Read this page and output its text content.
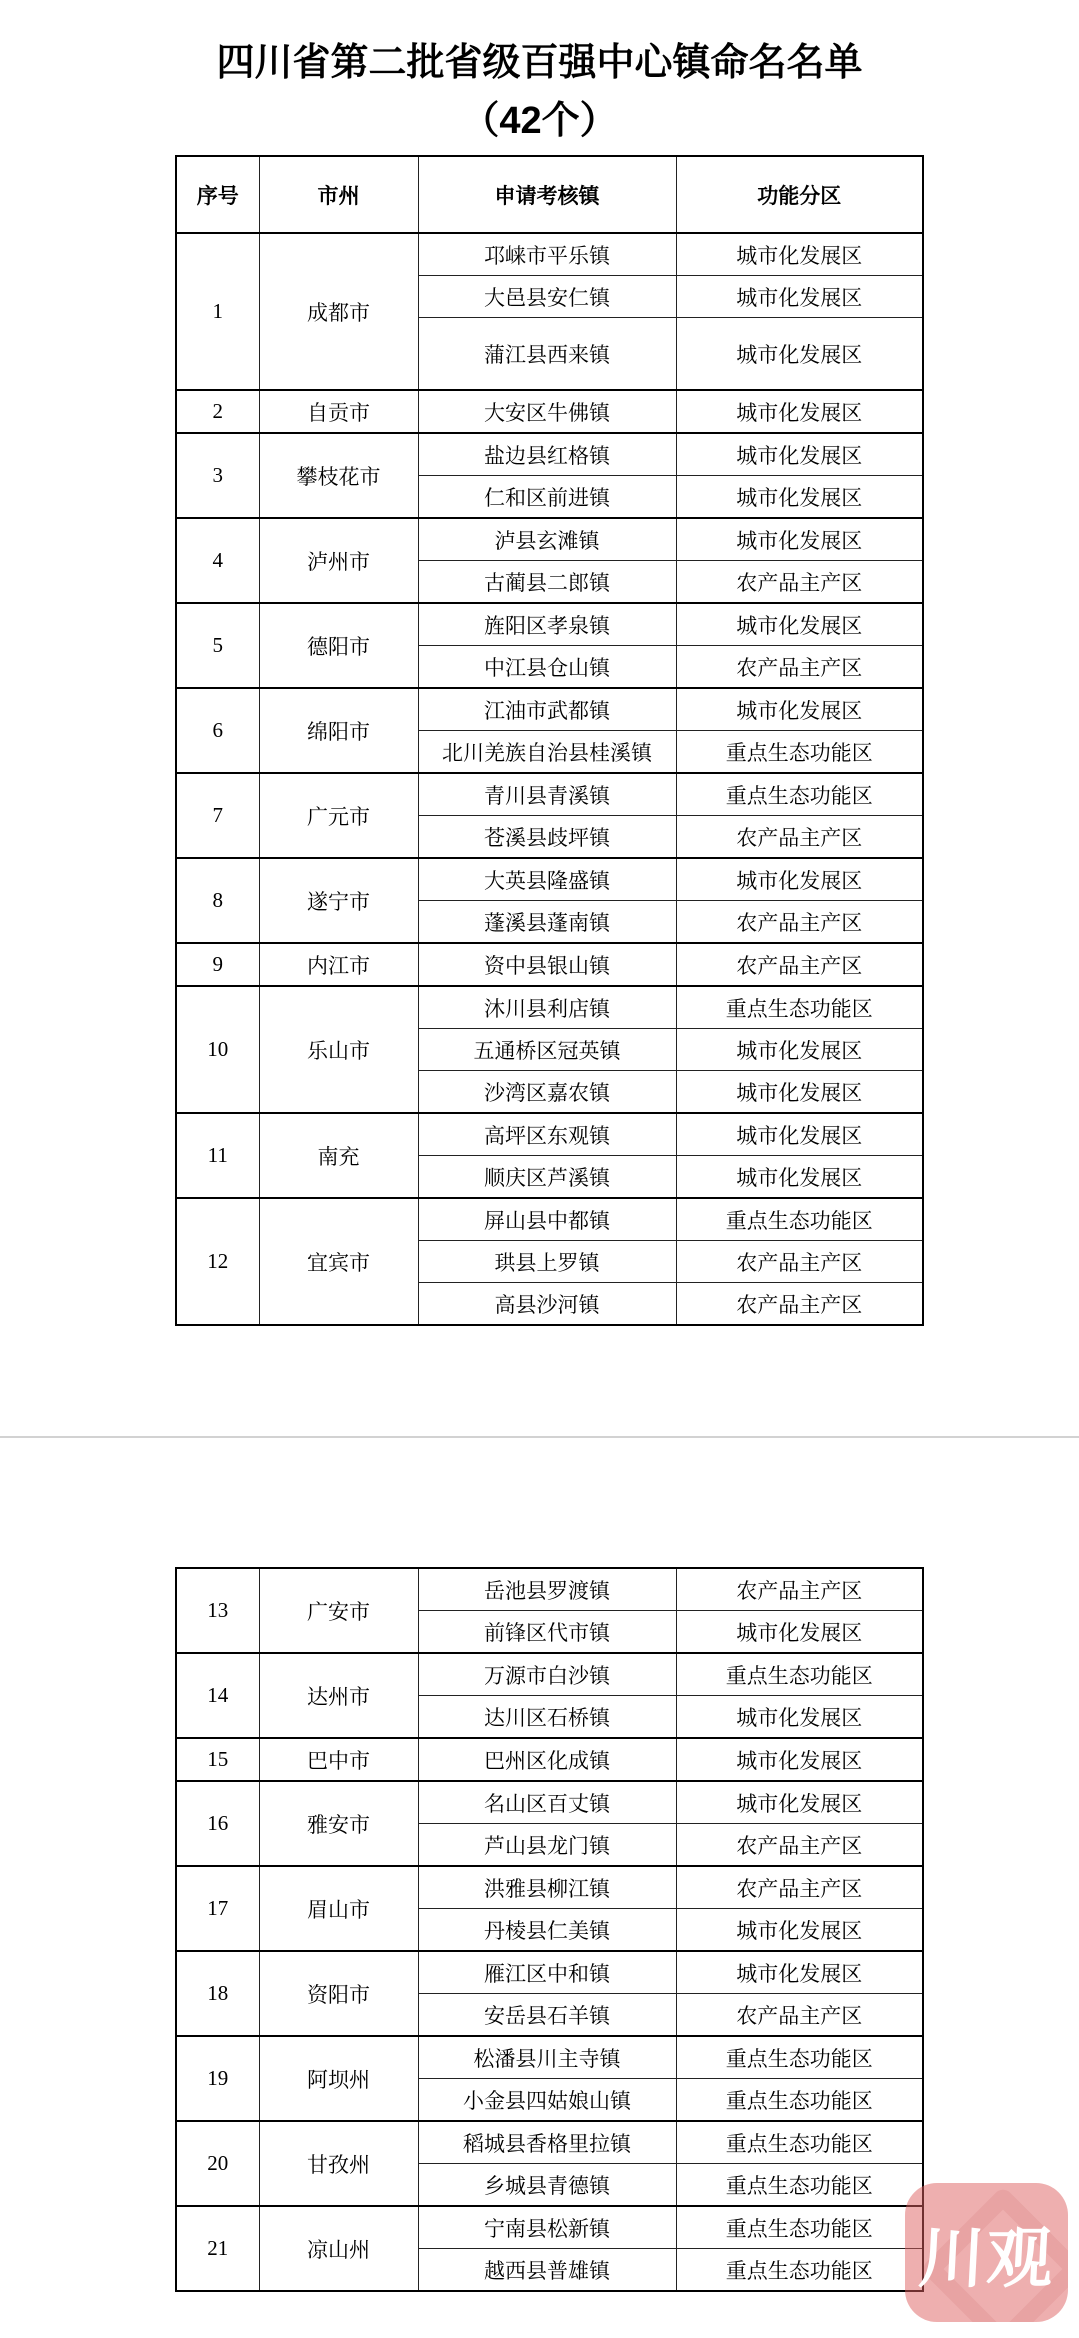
四川省第二批省级百强中心镇命名名单
（42个）
序号	市州	申请考核镇	功能分区
1	成都市	邛崃市平乐镇	城市化发展区
		大邑县安仁镇	城市化发展区
		蒲江县西来镇	城市化发展区
2	自贡市	大安区牛佛镇	城市化发展区
3	攀枝花市	盐边县红格镇	城市化发展区
		仁和区前进镇	城市化发展区
4	泸州市	泸县玄滩镇	城市化发展区
		古蔺县二郎镇	农产品主产区
5	德阳市	旌阳区孝泉镇	城市化发展区
		中江县仓山镇	农产品主产区
6	绵阳市	江油市武都镇	城市化发展区
		北川羌族自治县桂溪镇	重点生态功能区
7	广元市	青川县青溪镇	重点生态功能区
		苍溪县歧坪镇	农产品主产区
8	遂宁市	大英县隆盛镇	城市化发展区
		蓬溪县蓬南镇	农产品主产区
9	内江市	资中县银山镇	农产品主产区
10	乐山市	沐川县利店镇	重点生态功能区
		五通桥区冠英镇	城市化发展区
		沙湾区嘉农镇	城市化发展区
11	南充	高坪区东观镇	城市化发展区
		顺庆区芦溪镇	城市化发展区
12	宜宾市	屏山县中都镇	重点生态功能区
		珙县上罗镇	农产品主产区
		高县沙河镇	农产品主产区
13	广安市	岳池县罗渡镇	农产品主产区
		前锋区代市镇	城市化发展区
14	达州市	万源市白沙镇	重点生态功能区
		达川区石桥镇	城市化发展区
15	巴中市	巴州区化成镇	城市化发展区
16	雅安市	名山区百丈镇	城市化发展区
		芦山县龙门镇	农产品主产区
17	眉山市	洪雅县柳江镇	农产品主产区
		丹棱县仁美镇	城市化发展区
18	资阳市	雁江区中和镇	城市化发展区
		安岳县石羊镇	农产品主产区
19	阿坝州	松潘县川主寺镇	重点生态功能区
		小金县四姑娘山镇	重点生态功能区
20	甘孜州	稻城县香格里拉镇	重点生态功能区
		乡城县青德镇	重点生态功能区
21	凉山州	宁南县松新镇	重点生态功能区
		越西县普雄镇	重点生态功能区 川观
